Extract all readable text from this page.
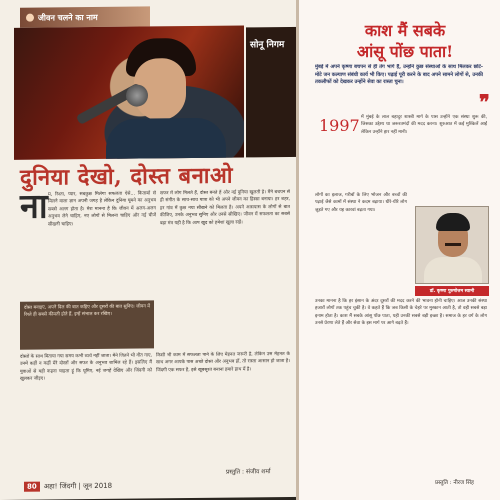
जीवन चलने का नाम
सोनू निगम
दुनिया देखो, दोस्त बनाओ
ना म, रिश्ता, प्यार, सबकुछ मिलेगा सफलता ऐसे... किताबों से मिलने वाला ज्ञान अपनी जगह है लेकिन दुनिया घूमने का अनुभव सबसे अलग होता है। मेरा मानना है कि जीवन में अलग-अलग अनुभव लेने चाहिए, नए लोगों से मिलना चाहिए और नई चीजें सीखनी चाहिए।
सफर में लोग मिलते हैं, दोस्त बनते हैं और नई दुनिया खुलती है। मैंने बचपन से ही संगीत के साथ-साथ यात्रा को भी अपने जीवन का हिस्सा बनाया। हर शहर, हर गांव में कुछ नया सीखने को मिलता है। अपने आसपास के लोगों से बात कीजिए, उनके अनुभव सुनिए और उनसे सीखिए। जीवन में सफलता का सबसे बड़ा मंत्र यही है कि आप खुद को हमेशा खुला रखें।
दोस्त बनाइए, अपने दिल की बात कहिए और दूसरों की बात सुनिए। जीवन में रिश्ते ही सबसे कीमती होते हैं, इन्हें संभाल कर रखिए।
दोस्तों के साथ बिताया गया समय कभी व्यर्थ नहीं जाता। मैंने जितने भी गीत गाए, उनमें कहीं न कहीं मेरे दोस्तों और सफर के अनुभव शामिल रहे हैं। इसलिए मैं युवाओं से यही कहना चाहता हूं कि घूमिए, नई जगहें देखिए और जिंदगी को खुलकर जीइए।
किसी भी काम में सफलता पाने के लिए मेहनत जरूरी है, लेकिन उस मेहनत के साथ अगर आपके पास अच्छे दोस्त और अनुभव हों, तो रास्ता आसान हो जाता है। जिंदगी एक सफर है, इसे खूबसूरत बनाना हमारे हाथ में है।
प्रस्तुति : संजीव शर्मा
80	अहा! जिंदगी | जून 2018
काश मैं सबके
आंसू पोंछ पाता!
मुंबई में अपने कृष्णा बचपन से ही तंग भागे हैं, उन्होंने कुछ संस्थाओं के साथ मिलकर छोटे-मोटे जन कल्याण संबंधी कार्य भी किए। पढ़ाई पूरी करने के बाद अपने सामने लोगों से, उनकी तकलीफों को देखकर उन्होंने सेवा का रास्ता चुना।
❞
1997 में मुंबई के लाल बहादुर शास्त्री मार्ग के पास उन्होंने एक संस्था शुरू की, जिसका उद्देश्य था जरूरतमंदों की मदद करना। शुरुआत में कई मुश्किलें आईं लेकिन उन्होंने हार नहीं मानी।
लोगों का इलाज, गरीबों के लिए भोजन और बच्चों की पढ़ाई जैसे कामों में संस्था ने कदम बढ़ाया। धीरे-धीरे लोग जुड़ते गए और यह कारवां बढ़ता गया।
डॉ. कृष्णा पुरुषोत्तम स्वामी
उनका मानना है कि हर इंसान के अंदर दूसरों की मदद करने की भावना होनी चाहिए। आज उनकी संस्था हजारों लोगों तक पहुंच चुकी है। वे कहते हैं कि जब किसी के चेहरे पर मुस्कान आती है, तो वही सबसे बड़ा इनाम होता है। काश मैं सबके आंसू पोंछ पाता, यही उनकी सबसे बड़ी इच्छा है। समाज के हर वर्ग के लोग उनसे प्रेरणा लेते हैं और सेवा के इस मार्ग पर आगे बढ़ते हैं।
प्रस्तुति : नीरज सिंह
